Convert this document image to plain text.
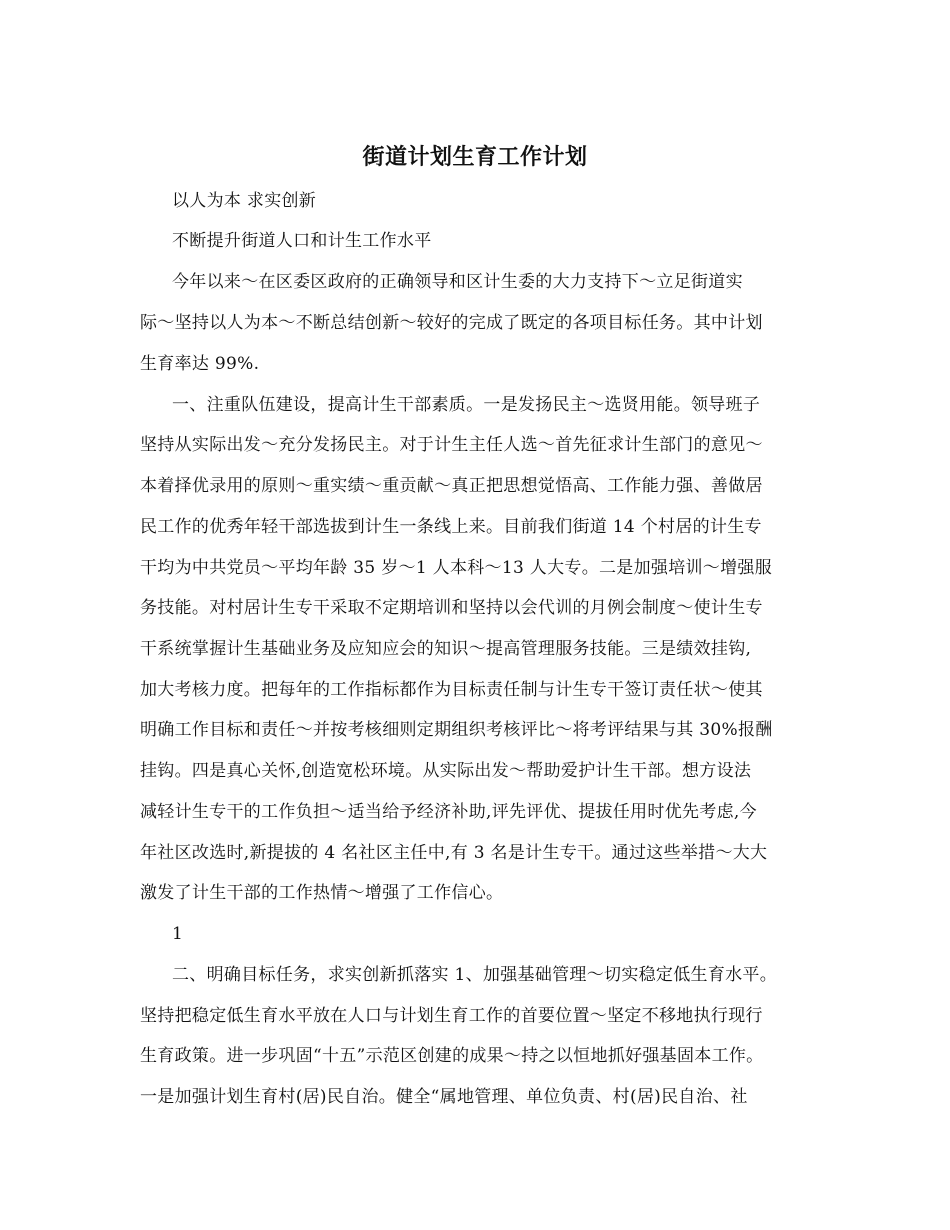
街道计划生育工作计划
以人为本 求实创新
不断提升街道人口和计生工作水平
今年以来～在区委区政府的正确领导和区计生委的大力支持下～立足街道实
际～坚持以人为本～不断总结创新～较好的完成了既定的各项目标任务。其中计划
生育率达 99%.
一、注重队伍建设，提高计生干部素质。一是发扬民主～选贤用能。领导班子
坚持从实际出发～充分发扬民主。对于计生主任人选～首先征求计生部门的意见～
本着择优录用的原则～重实绩～重贡献～真正把思想觉悟高、工作能力强、善做居
民工作的优秀年轻干部选拔到计生一条线上来。目前我们街道 14 个村居的计生专
干均为中共党员～平均年龄 35 岁～1 人本科～13 人大专。二是加强培训～增强服
务技能。对村居计生专干采取不定期培训和坚持以会代训的月例会制度～使计生专
干系统掌握计生基础业务及应知应会的知识～提高管理服务技能。三是绩效挂钩,
加大考核力度。把每年的工作指标都作为目标责任制与计生专干签订责任状～使其
明确工作目标和责任～并按考核细则定期组织考核评比～将考评结果与其 30%报酬
挂钩。四是真心关怀,创造宽松环境。从实际出发～帮助爱护计生干部。想方设法
减轻计生专干的工作负担～适当给予经济补助,评先评优、提拔任用时优先考虑,今
年社区改选时,新提拔的 4 名社区主任中,有 3 名是计生专干。通过这些举措～大大
激发了计生干部的工作热情～增强了工作信心。
1
二、明确目标任务，求实创新抓落实 1、加强基础管理～切实稳定低生育水平。
坚持把稳定低生育水平放在人口与计划生育工作的首要位置～坚定不移地执行现行
生育政策。进一步巩固“十五”示范区创建的成果～持之以恒地抓好强基固本工作。
一是加强计划生育村(居)民自治。健全“属地管理、单位负责、村(居)民自治、社
